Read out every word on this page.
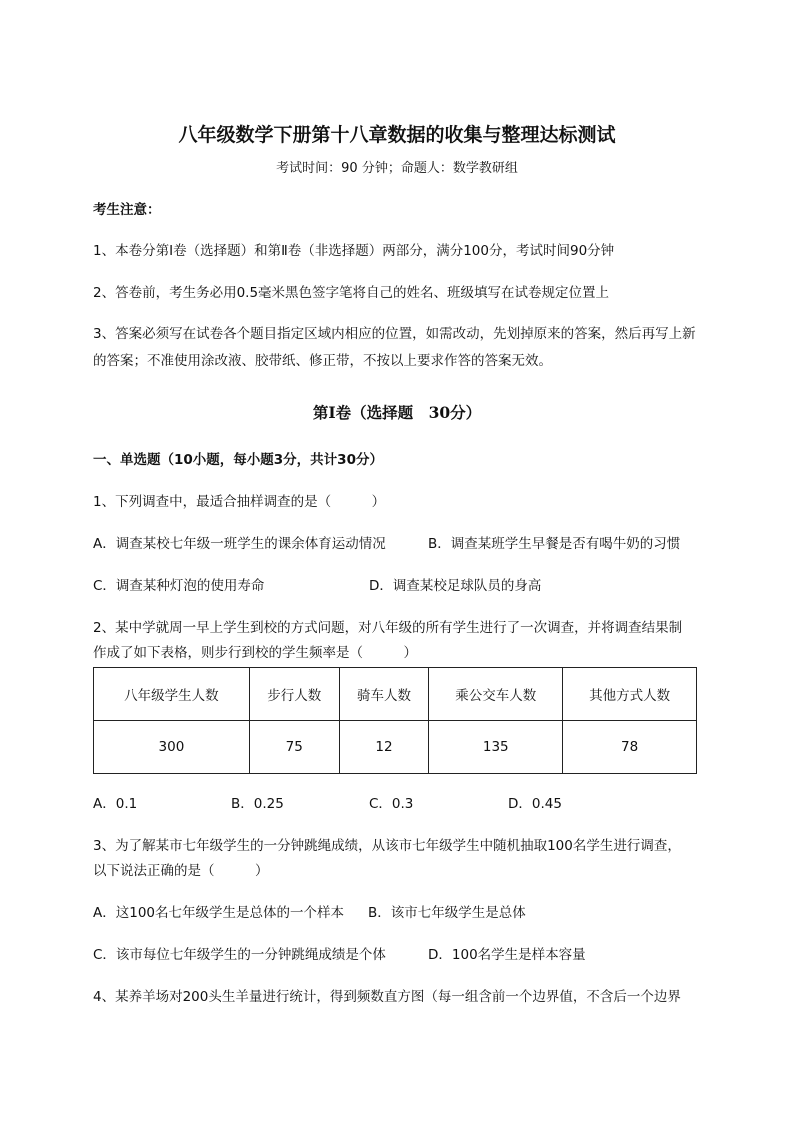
八年级数学下册第十八章数据的收集与整理达标测试
考试时间：90 分钟；命题人：数学教研组
考生注意：
1、本卷分第I卷（选择题）和第Ⅱ卷（非选择题）两部分，满分100分，考试时间90分钟
2、答卷前，考生务必用0.5毫米黑色签字笔将自己的姓名、班级填写在试卷规定位置上
3、答案必须写在试卷各个题目指定区域内相应的位置，如需改动，先划掉原来的答案，然后再写上新
的答案；不准使用涂改液、胶带纸、修正带，不按以上要求作答的答案无效。
第I卷（选择题　30分）
一、单选题（10小题，每小题3分，共计30分）
1、下列调查中，最适合抽样调查的是（　　　）
A．调查某校七年级一班学生的课余体育运动情况	B．调查某班学生早餐是否有喝牛奶的习惯
C．调查某种灯泡的使用寿命	D．调查某校足球队员的身高
2、某中学就周一早上学生到校的方式问题，对八年级的所有学生进行了一次调查，并将调查结果制
作成了如下表格，则步行到校的学生频率是（　　　）
八年级学生人数	步行人数	骑车人数	乘公交车人数	其他方式人数
300	75	12	135	78
A．0.1	B．0.25	C．0.3	D．0.45
3、为了解某市七年级学生的一分钟跳绳成绩，从该市七年级学生中随机抽取100名学生进行调查，
以下说法正确的是（　　　）
A．这100名七年级学生是总体的一个样本 B．该市七年级学生是总体
C．该市每位七年级学生的一分钟跳绳成绩是个体	D．100名学生是样本容量
4、某养羊场对200头生羊量进行统计，得到频数直方图（每一组含前一个边界值，不含后一个边界
